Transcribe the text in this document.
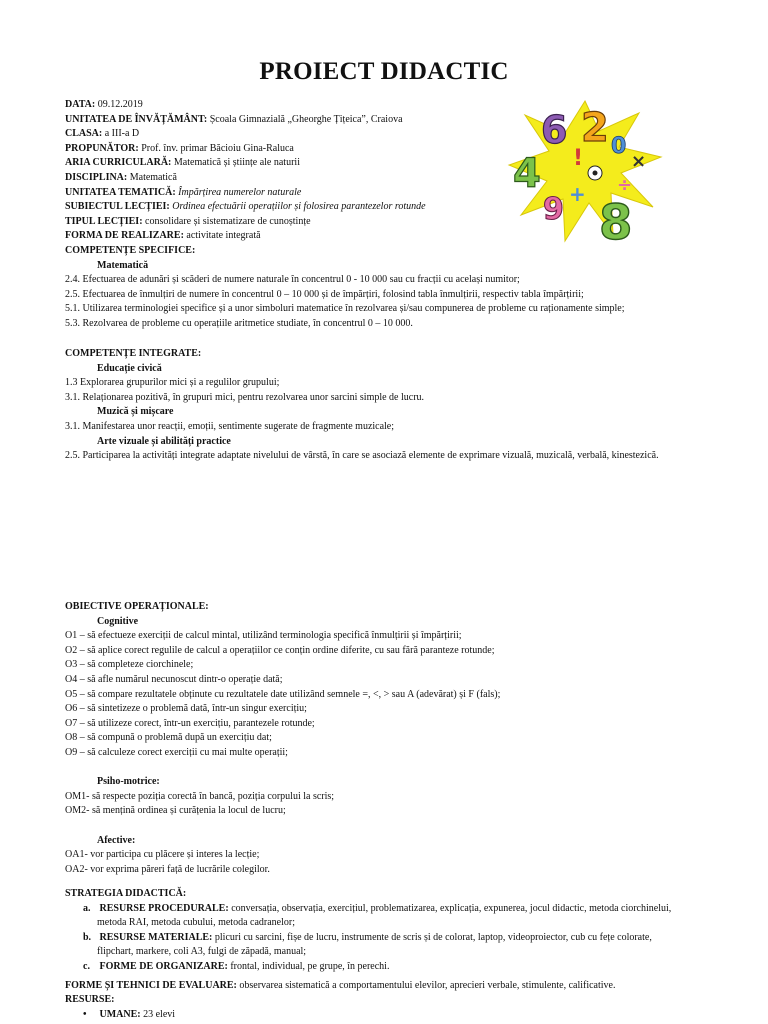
PROIECT DIDACTIC
6 2
4
8
9
0
×
+ ÷
!
DATA: 09.12.2019
UNITATEA DE ÎNVĂȚĂMÂNT: Școala Gimnazială „Gheorghe Țițeica”, Craiova
CLASA: a III-a D
PROPUNĂTOR: Prof. înv. primar Băcioiu Gina-Raluca
ARIA CURRICULARĂ: Matematică și științe ale naturii
DISCIPLINA: Matematică
UNITATEA TEMATICĂ: Împărțirea numerelor naturale
SUBIECTUL LECȚIEI: Ordinea efectuării operațiilor și folosirea parantezelor rotunde
TIPUL LECȚIEI: consolidare și sistematizare de cunoștințe
FORMA DE REALIZARE: activitate integrată
COMPETENȚE SPECIFICE:
Matematică
2.4. Efectuarea de adunări și scăderi de numere naturale în concentrul 0 - 10 000 sau cu fracții cu același numitor;
2.5. Efectuarea de înmulțiri de numere în concentrul 0 – 10 000 și de împărțiri, folosind tabla înmulțirii, respectiv tabla împărțirii;
5.1. Utilizarea terminologiei specifice și a unor simboluri matematice în rezolvarea și/sau compunerea de probleme cu raționamente simple;
5.3. Rezolvarea de probleme cu operațiile aritmetice studiate, în concentrul 0 – 10 000.
COMPETENȚE INTEGRATE:
Educație civică
1.3 Explorarea grupurilor mici și a regulilor grupului;
3.1. Relaționarea pozitivă, în grupuri mici, pentru rezolvarea unor sarcini simple de lucru.
Muzică și mișcare
3.1. Manifestarea unor reacții, emoții, sentimente sugerate de fragmente muzicale;
Arte vizuale și abilități practice
2.5. Participarea la activități integrate adaptate nivelului de vârstă, în care se asociază elemente de exprimare vizuală, muzicală, verbală, kinestezică.
OBIECTIVE OPERAȚIONALE:
Cognitive
O1 – să efectueze exerciții de calcul mintal, utilizând terminologia specifică înmulțirii și împărțirii;
O2 – să aplice corect regulile de calcul a operațiilor ce conțin ordine diferite, cu sau fără paranteze rotunde;
O3 – să completeze ciorchinele;
O4 – să afle numărul necunoscut dintr-o operație dată;
O5 – să compare rezultatele obținute cu rezultatele date utilizând semnele =, <, > sau A (adevărat) și F (fals);
O6 – să sintetizeze o problemă dată, într-un singur exercițiu;
O7 – să utilizeze corect, într-un exercițiu, parantezele rotunde;
O8 – să compună o problemă după un exercițiu dat;
O9 – să calculeze corect exerciții cu mai multe operații;
Psiho-motrice:
OM1- să respecte poziția corectă în bancă, poziția corpului la scris;
OM2- să mențină ordinea și curățenia la locul de lucru;
Afective:
OA1- vor participa cu plăcere și interes la lecție;
OA2- vor exprima păreri față de lucrările colegilor.
STRATEGIA DIDACTICĂ:
a. RESURSE PROCEDURALE: conversația, observația, exercițiul, problematizarea, explicația, expunerea, jocul didactic, metoda ciorchinelui,
metoda RAI, metoda cubului, metoda cadranelor;
b. RESURSE MATERIALE: plicuri cu sarcini, fișe de lucru, instrumente de scris și de colorat, laptop, videoproiector, cub cu fețe colorate,
flipchart, markere, coli A3, fulgi de zăpadă, manual;
c. FORME DE ORGANIZARE: frontal, individual, pe grupe, în perechi.
FORME ȘI TEHNICI DE EVALUARE: observarea sistematică a comportamentului elevilor, aprecieri verbale, stimulente, calificative.
RESURSE:
• UMANE: 23 elevi
